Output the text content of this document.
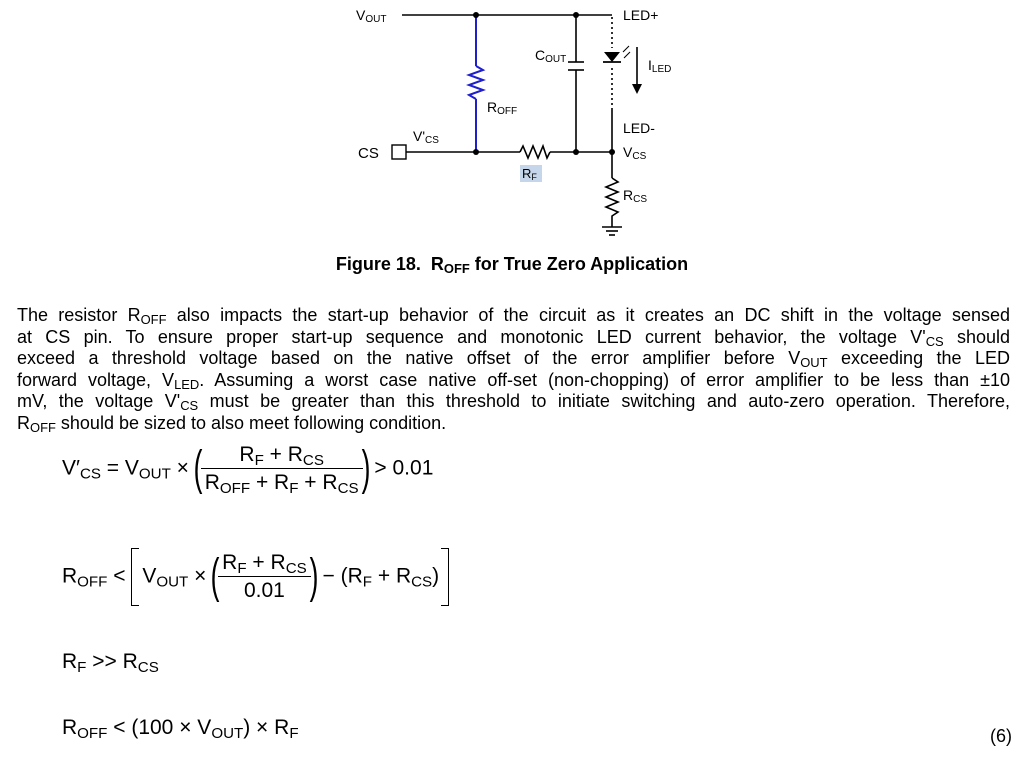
VOUT	LED+
COUT	ILED
ROFF
LED-
V'CS
CS	VCS
RF
RCS
Figure 18. $R_{OFF}$ for True Zero Application
The resistor $R_{OFF}$ also impacts the start-up behavior of the circuit as it creates an DC shift in the voltage sensed
at CS pin. To ensure proper start-up sequence and monotonic LED current behavior, the voltage $V'_{CS}$ should
exceed a threshold voltage based on the native offset of the error amplifier before $V_{OUT}$ exceeding the LED
forward voltage, $V_{LED}$. Assuming a worst case native off-set (non-chopping) of error amplifier to be less than ±10
mV, the voltage $V'_{CS}$ must be greater than this threshold to initiate switching and auto-zero operation. Therefore,
$R_{OFF}$ should be sized to also meet following condition.
$V'_{CS} = V_{OUT}$ × (
$\frac{R_F + R_{CS}}{R_{OFF} + R_F + R_{CS}}$
) > 0.01
$R_{OFF} < V_{OUT}$ × (
$\frac{R_F + R_{CS}}{0.01}$
) − $(R_F + R_{CS})$
$R_F >> R_{CS}$
$R_{OFF} < (100 \times V_{OUT}) \times R_F$	(6)
